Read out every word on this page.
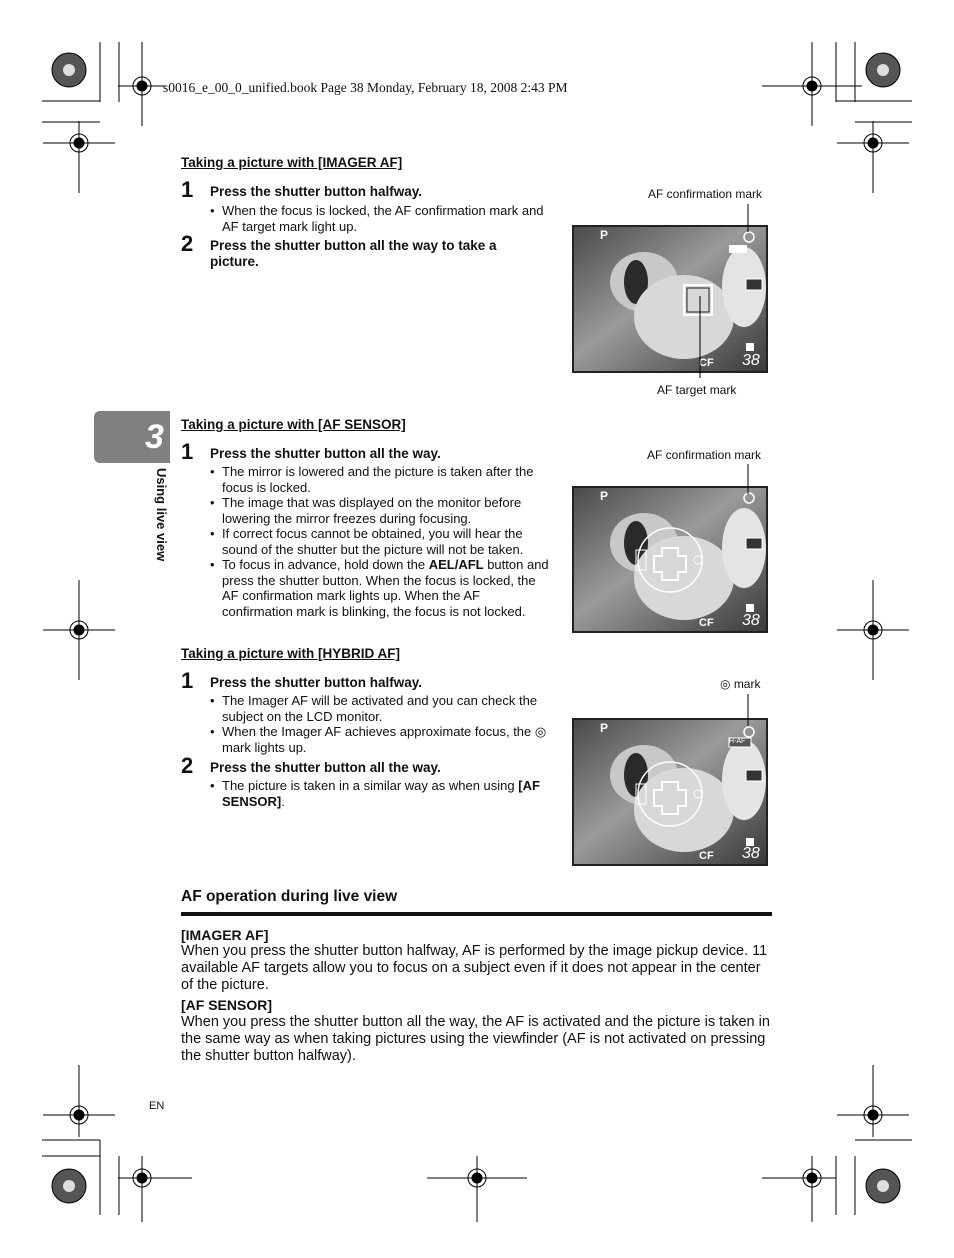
s0016_e_00_0_unified.book Page 38 Monday, February 18, 2008 2:43 PM
3
Using live view
Taking a picture with [IMAGER AF]
1 Press the shutter button halfway.
• When the focus is locked, the AF confirmation mark and AF target mark light up.
2 Press the shutter button all the way to take a picture.
AF confirmation mark
AF target mark
P
CF 38
Taking a picture with [AF SENSOR]
1 Press the shutter button all the way.
• The mirror is lowered and the picture is taken after the focus is locked.
• The image that was displayed on the monitor before lowering the mirror freezes during focusing.
• If correct focus cannot be obtained, you will hear the sound of the shutter but the picture will not be taken.
• To focus in advance, hold down the AEL/AFL button and press the shutter button. When the focus is locked, the AF confirmation mark lights up. When the AF confirmation mark is blinking, the focus is not locked.
AF confirmation mark
P
CF 38
Taking a picture with [HYBRID AF]
1 Press the shutter button halfway.
• The Imager AF will be activated and you can check the subject on the LCD monitor.
• When the Imager AF achieves approximate focus, the ◎ mark lights up.
2 Press the shutter button all the way.
• The picture is taken in a similar way as when using [AF SENSOR].
◎ mark
P
H-AF
CF 38
AF operation during live view
[IMAGER AF]
When you press the shutter button halfway, AF is performed by the image pickup device. 11 available AF targets allow you to focus on a subject even if it does not appear in the center of the picture.
[AF SENSOR]
When you press the shutter button all the way, the AF is activated and the picture is taken in the same way as when taking pictures using the viewfinder (AF is not activated on pressing the shutter button halfway).
EN
